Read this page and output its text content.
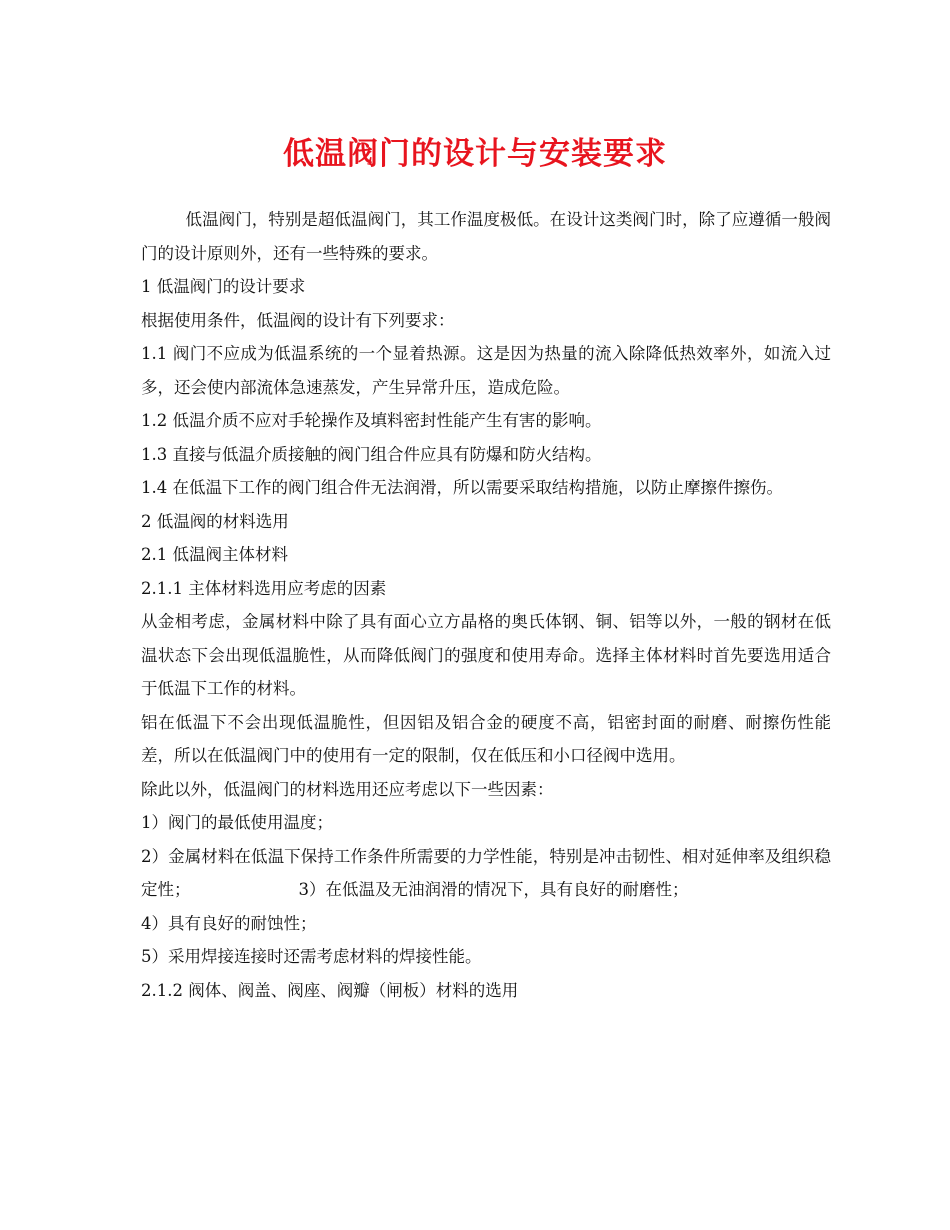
低温阀门的设计与安装要求

低温阀门，特别是超低温阀门，其工作温度极低。在设计这类阀门时，除了应遵循一般阀门的设计原则外，还有一些特殊的要求。

1 低温阀门的设计要求

根据使用条件，低温阀的设计有下列要求：

1.1 阀门不应成为低温系统的一个显着热源。这是因为热量的流入除降低热效率外，如流入过多，还会使内部流体急速蒸发，产生异常升压，造成危险。

1.2 低温介质不应对手轮操作及填料密封性能产生有害的影响。

1.3 直接与低温介质接触的阀门组合件应具有防爆和防火结构。

1.4 在低温下工作的阀门组合件无法润滑，所以需要采取结构措施，以防止摩擦件擦伤。

2 低温阀的材料选用

2.1 低温阀主体材料

2.1.1 主体材料选用应考虑的因素

从金相考虑，金属材料中除了具有面心立方晶格的奥氏体钢、铜、铝等以外，一般的钢材在低温状态下会出现低温脆性，从而降低阀门的强度和使用寿命。选择主体材料时首先要选用适合于低温下工作的材料。

铝在低温下不会出现低温脆性，但因铝及铝合金的硬度不高，铝密封面的耐磨、耐擦伤性能差，所以在低温阀门中的使用有一定的限制，仅在低压和小口径阀中选用。

除此以外，低温阀门的材料选用还应考虑以下一些因素：

1）阀门的最低使用温度；

2）金属材料在低温下保持工作条件所需要的力学性能，特别是冲击韧性、相对延伸率及组织稳定性；	3）在低温及无油润滑的情况下，具有良好的耐磨性；

4）具有良好的耐蚀性；

5）采用焊接连接时还需考虑材料的焊接性能。

2.1.2 阀体、阀盖、阀座、阀瓣（闸板）材料的选用
